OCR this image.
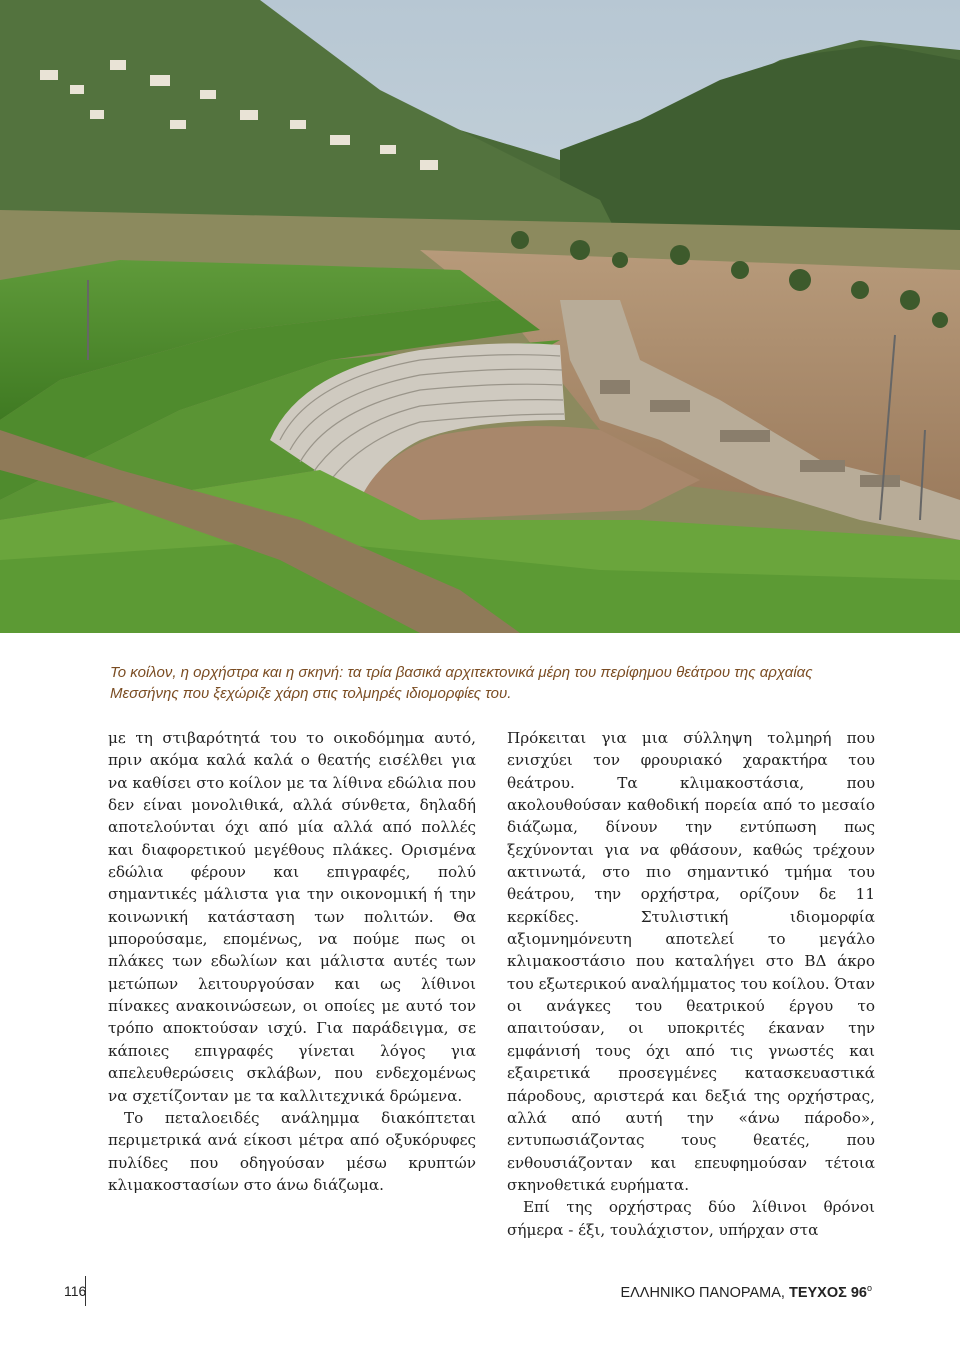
Το κοίλον, η ορχήστρα και η σκηνή: τα τρία βασικά αρχιτεκτονικά μέρη του περίφημου θεάτρου της αρχαίας Μεσσήνης που ξεχώριζε χάρη στις τολμηρές ιδιομορφίες του.

με τη στιβαρότητά του το οικοδόμημα αυτό, πριν ακόμα καλά καλά ο θεατής εισέλθει για να καθίσει στο κοίλον με τα λίθινα εδώλια που δεν είναι μονολιθικά, αλλά σύνθετα, δηλαδή αποτελούνται όχι από μία αλλά από πολλές και διαφορετικού μεγέθους πλάκες. Ορισμένα εδώλια φέρουν και επιγραφές, πολύ σημαντικές μάλιστα για την οικονομική ή την κοινωνική κατάσταση των πολιτών. Θα μπορούσαμε, επομένως, να πούμε πως οι πλάκες των εδωλίων και μάλιστα αυτές των μετώπων λειτουργούσαν και ως λίθινοι πίνακες ανακοινώσεων, οι οποίες με αυτό τον τρόπο αποκτούσαν ισχύ. Για παράδειγμα, σε κάποιες επιγραφές γίνεται λόγος για απελευθερώσεις σκλάβων, που ενδεχομένως να σχετίζονταν με τα καλλιτεχνικά δρώμενα.

Το πεταλοειδές ανάλημμα διακόπτεται περιμετρικά ανά είκοσι μέτρα από οξυκόρυφες πυλίδες που οδηγούσαν μέσω κρυπτών κλιμακοστασίων στο άνω διάζωμα.

Πρόκειται για μια σύλληψη τολμηρή που ενισχύει τον φρουριακό χαρακτήρα του θεάτρου. Τα κλιμακοστάσια, που ακολουθούσαν καθοδική πορεία από το μεσαίο διάζωμα, δίνουν την εντύπωση πως ξεχύνονται για να φθάσουν, καθώς τρέχουν ακτινωτά, στο πιο σημαντικό τμήμα του θεάτρου, την ορχήστρα, ορίζουν δε 11 κερκίδες. Στυλιστική ιδιομορφία αξιομνημόνευτη αποτελεί το μεγάλο κλιμακοστάσιο που καταλήγει στο ΒΔ άκρο του εξωτερικού αναλήμματος του κοίλου. Όταν οι ανάγκες του θεατρικού έργου το απαιτούσαν, οι υποκριτές έκαναν την εμφάνισή τους όχι από τις γνωστές και εξαιρετικά προσεγμένες κατασκευαστικά πάροδους, αριστερά και δεξιά της ορχήστρας, αλλά από αυτή την «άνω πάροδο», εντυπωσιάζοντας τους θεατές, που ενθουσιάζονταν και επευφημούσαν τέτοια σκηνοθετικά ευρήματα.

Επί της ορχήστρας δύο λίθινοι θρόνοι σήμερα - έξι, τουλάχιστον, υπήρχαν στα

116	ΕΛΛΗΝΙΚΟ ΠΑΝΟΡΑΜΑ, ΤΕΥΧΟΣ $96^o$
